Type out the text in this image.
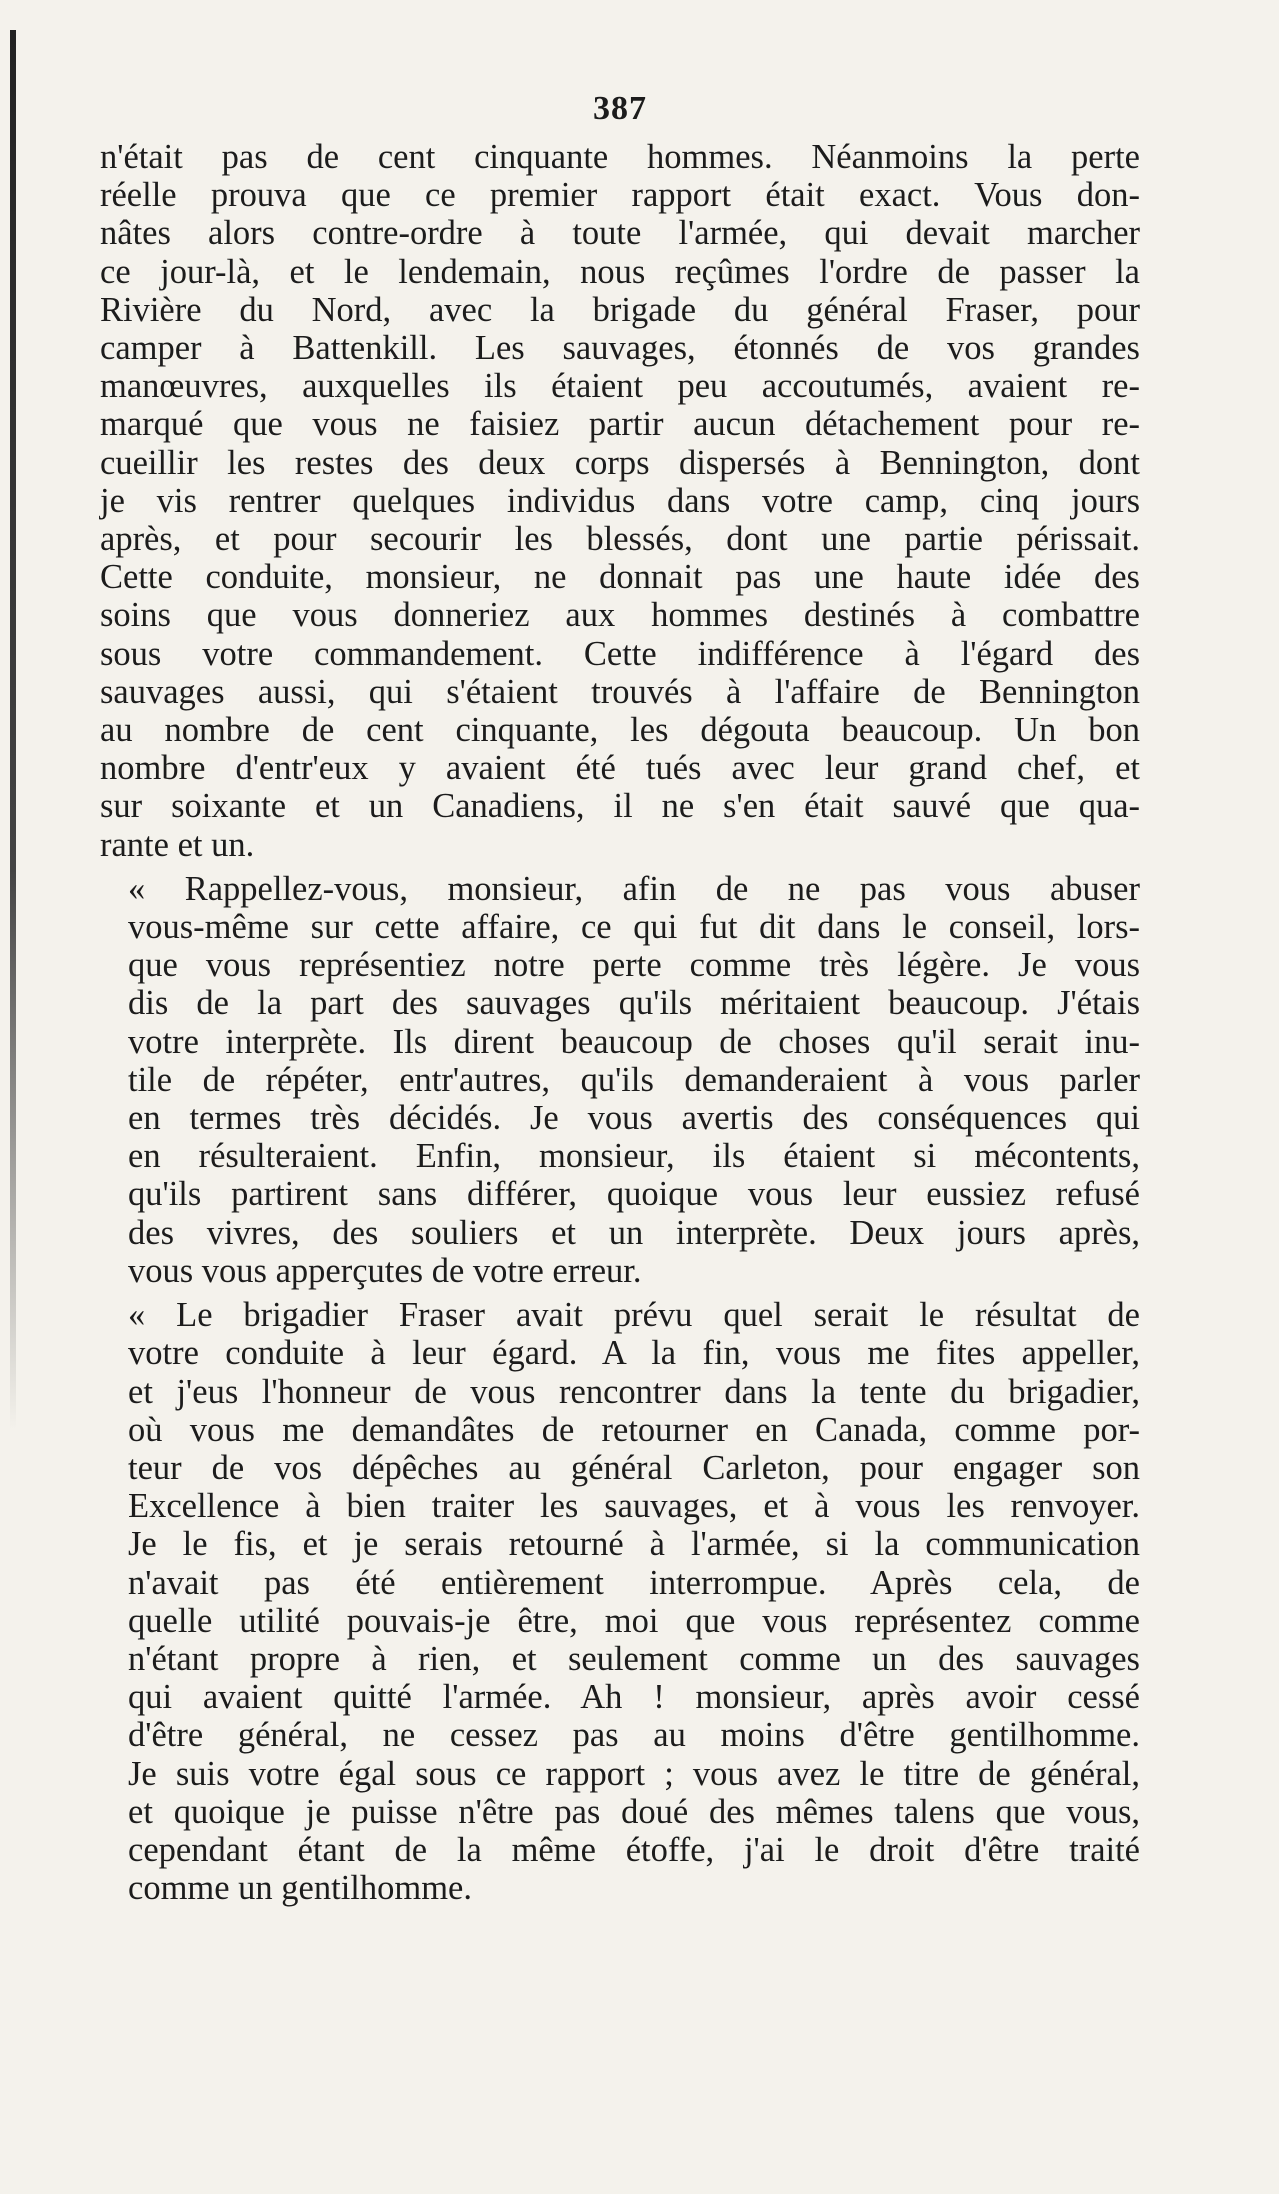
387

n'était pas de cent cinquante hommes. Néanmoins la perte
réelle prouva que ce premier rapport était exact. Vous don-
nâtes alors contre-ordre à toute l'armée, qui devait marcher
ce jour-là, et le lendemain, nous reçûmes l'ordre de passer la
Rivière du Nord, avec la brigade du général Fraser, pour
camper à Battenkill. Les sauvages, étonnés de vos grandes
manœuvres, auxquelles ils étaient peu accoutumés, avaient re-
marqué que vous ne faisiez partir aucun détachement pour re-
cueillir les restes des deux corps dispersés à Bennington, dont
je vis rentrer quelques individus dans votre camp, cinq jours
après, et pour secourir les blessés, dont une partie périssait.
Cette conduite, monsieur, ne donnait pas une haute idée des
soins que vous donneriez aux hommes destinés à combattre
sous votre commandement. Cette indifférence à l'égard des
sauvages aussi, qui s'étaient trouvés à l'affaire de Bennington
au nombre de cent cinquante, les dégouta beaucoup. Un bon
nombre d'entr'eux y avaient été tués avec leur grand chef, et
sur soixante et un Canadiens, il ne s'en était sauvé que qua-
rante et un.

« Rappellez-vous, monsieur, afin de ne pas vous abuser
vous-même sur cette affaire, ce qui fut dit dans le conseil, lors-
que vous représentiez notre perte comme très légère. Je vous
dis de la part des sauvages qu'ils méritaient beaucoup. J'étais
votre interprète. Ils dirent beaucoup de choses qu'il serait inu-
tile de répéter, entr'autres, qu'ils demanderaient à vous parler
en termes très décidés. Je vous avertis des conséquences qui
en résulteraient. Enfin, monsieur, ils étaient si mécontents,
qu'ils partirent sans différer, quoique vous leur eussiez refusé
des vivres, des souliers et un interprète. Deux jours après,
vous vous apperçutes de votre erreur.

« Le brigadier Fraser avait prévu quel serait le résultat de
votre conduite à leur égard. A la fin, vous me fites appeller,
et j'eus l'honneur de vous rencontrer dans la tente du brigadier,
où vous me demandâtes de retourner en Canada, comme por-
teur de vos dépêches au général Carleton, pour engager son
Excellence à bien traiter les sauvages, et à vous les renvoyer.
Je le fis, et je serais retourné à l'armée, si la communication
n'avait pas été entièrement interrompue. Après cela, de
quelle utilité pouvais-je être, moi que vous représentez comme
n'étant propre à rien, et seulement comme un des sauvages
qui avaient quitté l'armée. Ah ! monsieur, après avoir cessé
d'être général, ne cessez pas au moins d'être gentilhomme.
Je suis votre égal sous ce rapport ; vous avez le titre de général,
et quoique je puisse n'être pas doué des mêmes talens que vous,
cependant étant de la même étoffe, j'ai le droit d'être traité
comme un gentilhomme.
